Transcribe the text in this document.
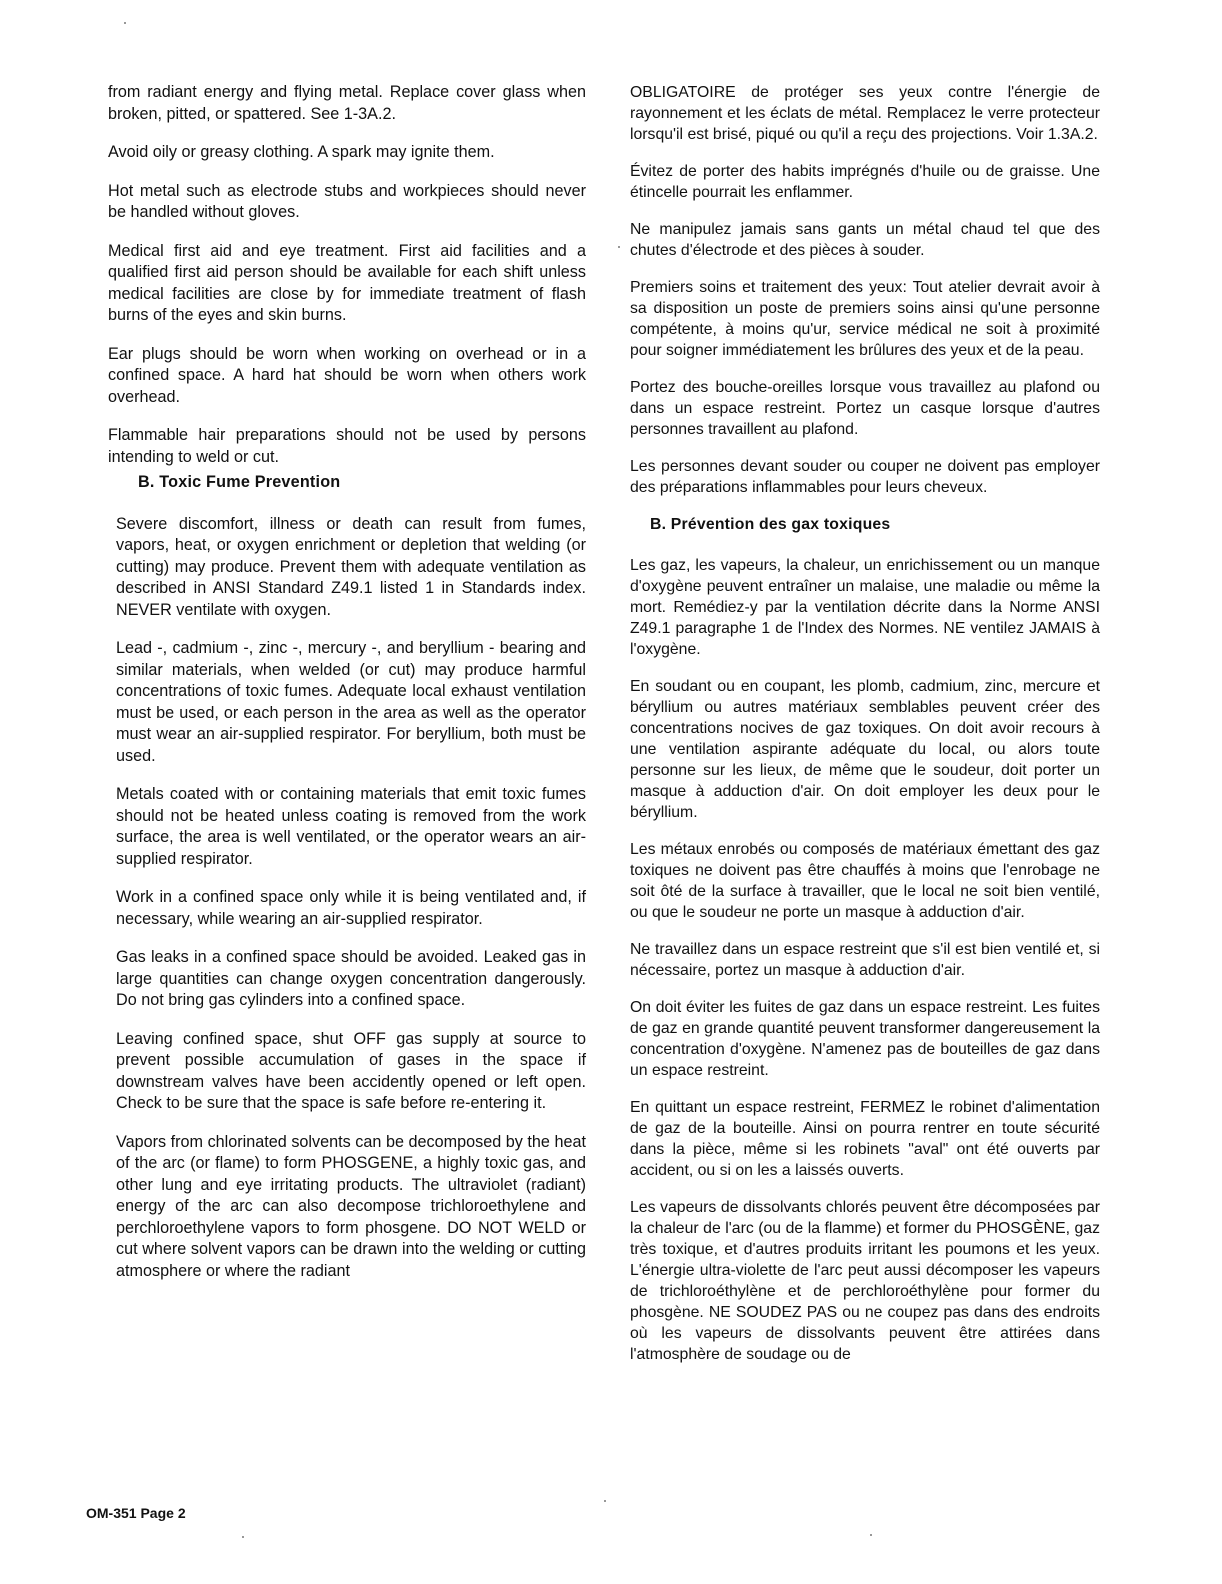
from radiant energy and flying metal. Replace cover glass when broken, pitted, or spattered. See 1-3A.2.

Avoid oily or greasy clothing. A spark may ignite them.

Hot metal such as electrode stubs and workpieces should never be handled without gloves.

Medical first aid and eye treatment. First aid facilities and a qualified first aid person should be available for each shift unless medical facilities are close by for immediate treatment of flash burns of the eyes and skin burns.

Ear plugs should be worn when working on overhead or in a confined space. A hard hat should be worn when others work overhead.

Flammable hair preparations should not be used by persons intending to weld or cut.

B. Toxic Fume Prevention

Severe discomfort, illness or death can result from fumes, vapors, heat, or oxygen enrichment or depletion that welding (or cutting) may produce. Prevent them with adequate ventilation as described in ANSI Standard Z49.1 listed 1 in Standards index. NEVER ventilate with oxygen.

Lead -, cadmium -, zinc -, mercury -, and beryllium - bearing and similar materials, when welded (or cut) may produce harmful concentrations of toxic fumes. Adequate local exhaust ventilation must be used, or each person in the area as well as the operator must wear an air-supplied respirator. For beryllium, both must be used.

Metals coated with or containing materials that emit toxic fumes should not be heated unless coating is removed from the work surface, the area is well ventilated, or the operator wears an air-supplied respirator.

Work in a confined space only while it is being ventilated and, if necessary, while wearing an air-supplied respirator.

Gas leaks in a confined space should be avoided. Leaked gas in large quantities can change oxygen concentration dangerously. Do not bring gas cylinders into a confined space.

Leaving confined space, shut OFF gas supply at source to prevent possible accumulation of gases in the space if downstream valves have been accidently opened or left open. Check to be sure that the space is safe before re-entering it.

Vapors from chlorinated solvents can be decomposed by the heat of the arc (or flame) to form PHOSGENE, a highly toxic gas, and other lung and eye irritating products. The ultraviolet (radiant) energy of the arc can also decompose trichloroethylene and perchloroethylene vapors to form phosgene. DO NOT WELD or cut where solvent vapors can be drawn into the welding or cutting atmosphere or where the radiant

OBLIGATOIRE de protéger ses yeux contre l'énergie de rayonnement et les éclats de métal. Remplacez le verre protecteur lorsqu'il est brisé, piqué ou qu'il a reçu des projections. Voir 1.3A.2.

Évitez de porter des habits imprégnés d'huile ou de graisse. Une étincelle pourrait les enflammer.

Ne manipulez jamais sans gants un métal chaud tel que des chutes d'électrode et des pièces à souder.

Premiers soins et traitement des yeux: Tout atelier devrait avoir à sa disposition un poste de premiers soins ainsi qu'une personne compétente, à moins qu'ur, service médical ne soit à proximité pour soigner immédiatement les brûlures des yeux et de la peau.

Portez des bouche-oreilles lorsque vous travaillez au plafond ou dans un espace restreint. Portez un casque lorsque d'autres personnes travaillent au plafond.

Les personnes devant souder ou couper ne doivent pas employer des préparations inflammables pour leurs cheveux.

B. Prévention des gax toxiques

Les gaz, les vapeurs, la chaleur, un enrichissement ou un manque d'oxygène peuvent entraîner un malaise, une maladie ou même la mort. Remédiez-y par la ventilation décrite dans la Norme ANSI Z49.1 paragraphe 1 de l'Index des Normes. NE ventilez JAMAIS à l'oxygène.

En soudant ou en coupant, les plomb, cadmium, zinc, mercure et béryllium ou autres matériaux semblables peuvent créer des concentrations nocives de gaz toxiques. On doit avoir recours à une ventilation aspirante adéquate du local, ou alors toute personne sur les lieux, de même que le soudeur, doit porter un masque à adduction d'air. On doit employer les deux pour le béryllium.

Les métaux enrobés ou composés de matériaux émettant des gaz toxiques ne doivent pas être chauffés à moins que l'enrobage ne soit ôté de la surface à travailler, que le local ne soit bien ventilé, ou que le soudeur ne porte un masque à adduction d'air.

Ne travaillez dans un espace restreint que s'il est bien ventilé et, si nécessaire, portez un masque à adduction d'air.

On doit éviter les fuites de gaz dans un espace restreint. Les fuites de gaz en grande quantité peuvent transformer dangereusement la concentration d'oxygène. N'amenez pas de bouteilles de gaz dans un espace restreint.

En quittant un espace restreint, FERMEZ le robinet d'alimentation de gaz de la bouteille. Ainsi on pourra rentrer en toute sécurité dans la pièce, même si les robinets "aval" ont été ouverts par accident, ou si on les a laissés ouverts.

Les vapeurs de dissolvants chlorés peuvent être décomposées par la chaleur de l'arc (ou de la flamme) et former du PHOSGÈNE, gaz très toxique, et d'autres produits irritant les poumons et les yeux. L'énergie ultra-violette de l'arc peut aussi décomposer les vapeurs de trichloroéthylène et de perchloroéthylène pour former du phosgène. NE SOUDEZ PAS ou ne coupez pas dans des endroits où les vapeurs de dissolvants peuvent être attirées dans l'atmosphère de soudage ou de

OM-351 Page 2
